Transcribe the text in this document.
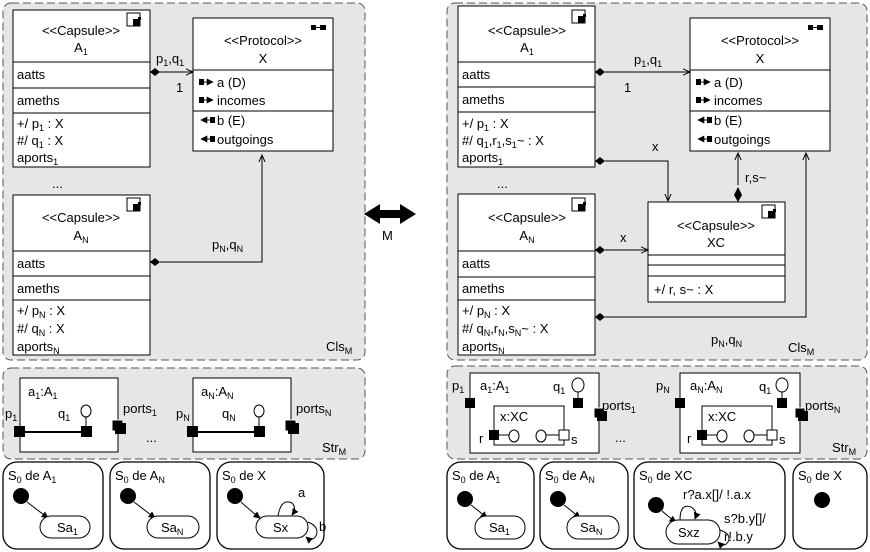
Cls$_M$
<<Capsule>>
$A_1$
aatts
ameths
+/ $p_1$ : X
#/ $q_1$ : X
aports$_1$
...
<<Capsule>>
$A_N$
aatts
ameths
+/ $p_N$ : X
#/ $q_N$ : X
aports$_N$
<<Protocol>>
X
a (D)
incomes
b (E)
outgoings
$p_1,q_1$
1
$p_N,q_N$
Str$_M$
$a_1:A_1$
$p_1$	$q_1$
ports$_1$
...
$a_N:A_N$
$p_N$ $q_N$
ports$_N$
$S_0$ de $A_1$
$Sa_1$
$S_0$ de $A_N$
$Sa_N$
$S_0$ de X
Sx
a
b
M
Cls$_M$
<<Capsule>>
$A_1$
aatts
ameths
+/ $p_1$ : X
#/ $q_1,r_1,s_1\sim$ : X
aports$_1$
...
<<Capsule>>
$A_N$
aatts
ameths
+/ $p_N$ : X
#/ $q_N,r_N,s_N\sim$ : X
aports$_N$
<<Protocol>>
X
a (D)
incomes
b (E)
outgoings
<<Capsule>>
XC
+/ r, s~ : X
$p_1,q_1$
1
x
x
r,s~
$p_N,q_N$
Str$_M$
$a_1:A_1$
$p_1$	$q_1$
ports$_1$
x:XC
r	s	...
$a_N:A_N$
$p_N$	$q_1$
ports$_N$
x:XC
r	s
$S_0$ de $A_1$
$Sa_1$
$S_0$ de $A_N$
$Sa_N$
$S_0$ de XC
Sxz
r?a.x[]/ !.a.x
s?b.y[]/
r!.b.y
$S_0$ de X
